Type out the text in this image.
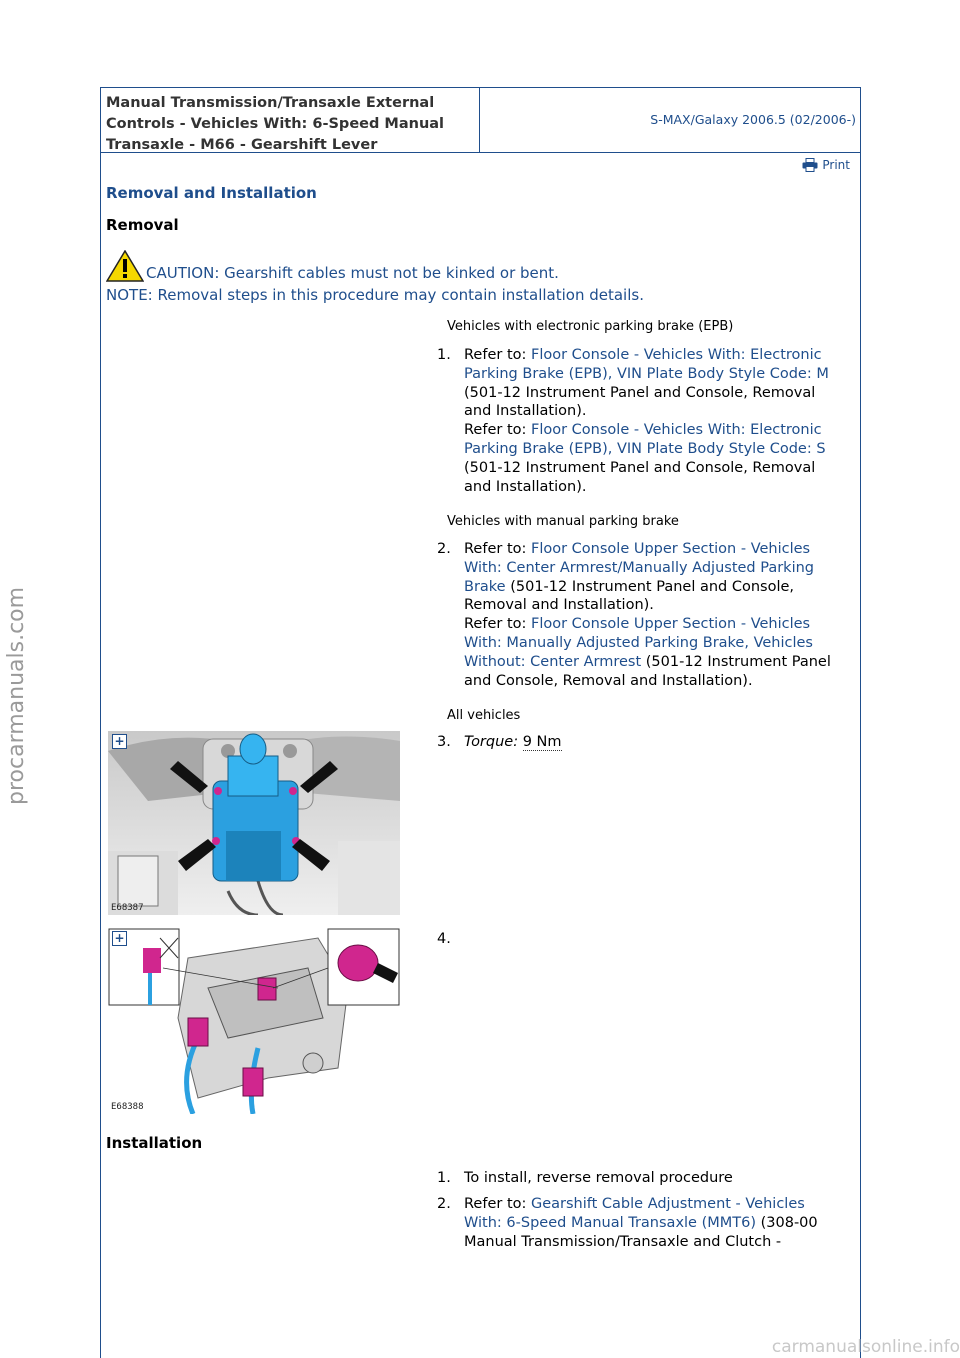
Manual Transmission/Transaxle External Controls - Vehicles With: 6-Speed Manual Transaxle - M66 - Gearshift Lever
S-MAX/Galaxy 2006.5 (02/2006-)
Print
Removal and Installation
Removal
CAUTION: Gearshift cables must not be kinked or bent.
NOTE: Removal steps in this procedure may contain installation details.
Vehicles with electronic parking brake (EPB)
1. Refer to: Floor Console - Vehicles With: Electronic Parking Brake (EPB), VIN Plate Body Style Code: M (501-12 Instrument Panel and Console, Removal and Installation).
Refer to: Floor Console - Vehicles With: Electronic Parking Brake (EPB), VIN Plate Body Style Code: S (501-12 Instrument Panel and Console, Removal and Installation).
Vehicles with manual parking brake
2. Refer to: Floor Console Upper Section - Vehicles With: Center Armrest/Manually Adjusted Parking Brake (501-12 Instrument Panel and Console, Removal and Installation).
Refer to: Floor Console Upper Section - Vehicles With: Manually Adjusted Parking Brake, Vehicles Without: Center Armrest (501-12 Instrument Panel and Console, Removal and Installation).
All vehicles
+
E68387
3. Torque: 9 Nm
+
E68388
4.
Installation
1. To install, reverse removal procedure
2. Refer to: Gearshift Cable Adjustment - Vehicles With: 6-Speed Manual Transaxle (MMT6) (308-00 Manual Transmission/Transaxle and Clutch -
procarmanuals.com
carmanualsonline.info
